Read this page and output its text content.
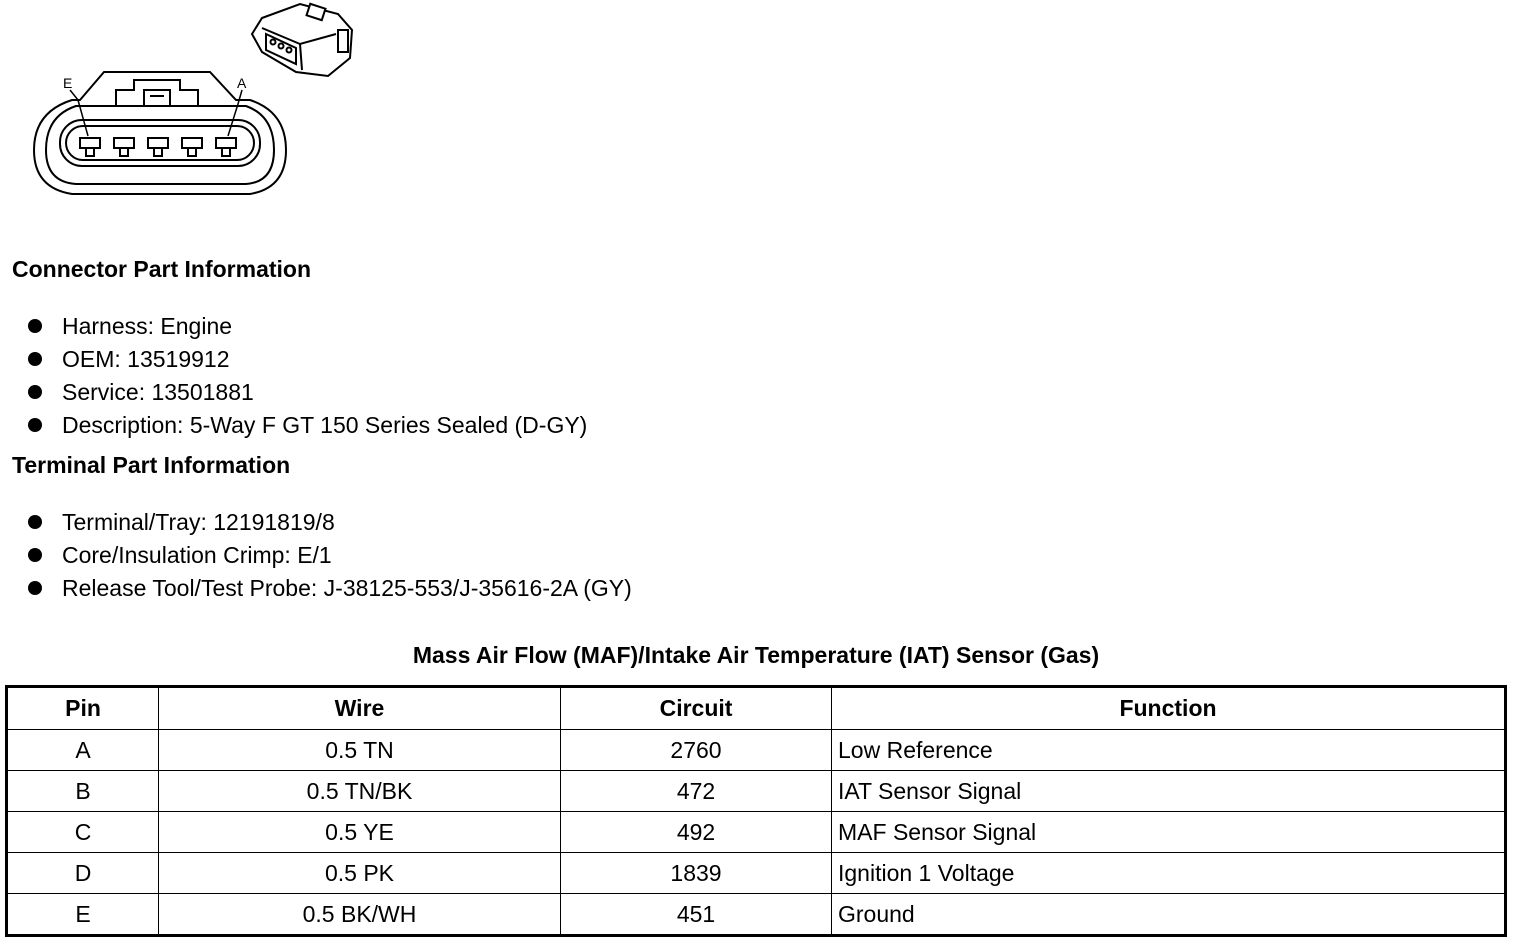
E	A
Connector Part Information
Harness: Engine
OEM: 13519912
Service: 13501881
Description: 5-Way F GT 150 Series Sealed (D-GY)
Terminal Part Information
Terminal/Tray: 12191819/8
Core/Insulation Crimp: E/1
Release Tool/Test Probe: J-38125-553/J-35616-2A (GY)
Mass Air Flow (MAF)/Intake Air Temperature (IAT) Sensor (Gas)
Pin	Wire	Circuit	Function
A	0.5 TN	2760	Low Reference
B	0.5 TN/BK	472	IAT Sensor Signal
C	0.5 YE	492	MAF Sensor Signal
D	0.5 PK	1839	Ignition 1 Voltage
E	0.5 BK/WH	451	Ground
